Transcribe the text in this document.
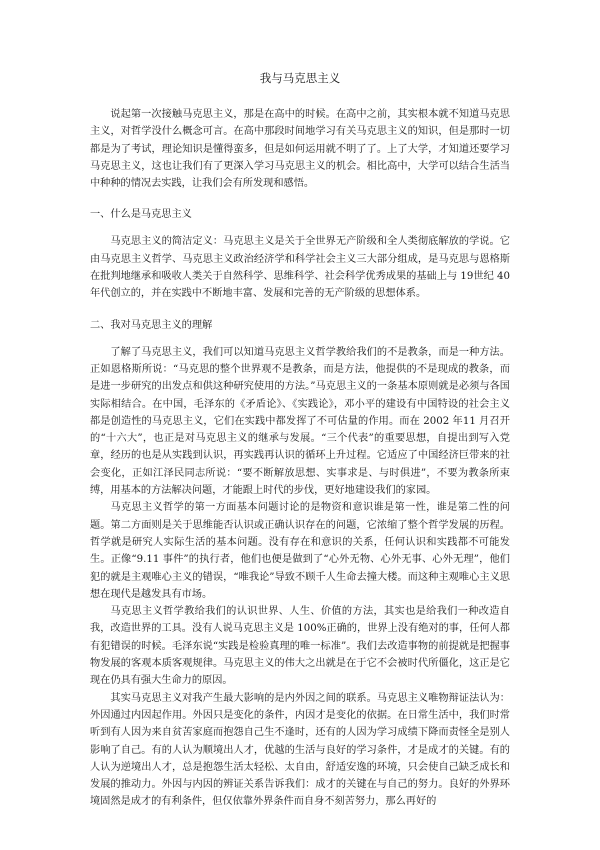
我与马克思主义

说起第一次接触马克思主义，那是在高中的时候。在高中之前，其实根本就不知道马克思主义，对哲学没什么概念可言。在高中那段时间地学习有关马克思主义的知识，但是那时一切都是为了考试，理论知识是懂得蛮多，但是如何运用就不明了了。上了大学，才知道还要学习马克思主义，这也让我们有了更深入学习马克思主义的机会。相比高中，大学可以结合生活当中种种的情况去实践，让我们会有所发现和感悟。

一、什么是马克思主义

马克思主义的简洁定义：马克思主义是关于全世界无产阶级和全人类彻底解放的学说。它由马克思主义哲学、马克思主义政治经济学和科学社会主义三大部分组成，是马克思与恩格斯在批判地继承和吸收人类关于自然科学、思维科学、社会科学优秀成果的基础上与 19世纪 40 年代创立的，并在实践中不断地丰富、发展和完善的无产阶级的思想体系。

二、我对马克思主义的理解

了解了马克思主义，我们可以知道马克思主义哲学教给我们的不是教条，而是一种方法。正如恩格斯所说：“马克思的整个世界观不是教条，而是方法，他提供的不是现成的教条，而是进一步研究的出发点和供这种研究使用的方法。”马克思主义的一条基本原则就是必须与各国实际相结合。在中国，毛泽东的《矛盾论》、《实践论》，邓小平的建设有中国特设的社会主义都是创造性的马克思主义，它们在实践中都发挥了不可估量的作用。而在 2002 年11 月召开的“十六大”，也正是对马克思主义的继承与发展。“三个代表”的重要思想，自提出到写入党章，经历的也是从实践到认识，再实践再认识的循环上升过程。它适应了中国经济巨带来的社会变化，正如江泽民同志所说：“要不断解放思想、实事求是、与时俱进”，不要为教条所束缚，用基本的方法解决问题，才能跟上时代的步伐，更好地建设我们的家园。

马克思主义哲学的第一方面基本问题讨论的是物资和意识谁是第一性，谁是第二性的问题。第二方面则是关于思维能否认识或正确认识存在的问题，它浓缩了整个哲学发展的历程。哲学就是研究人实际生活的基本问题。没有存在和意识的关系，任何认识和实践都不可能发生。正像“9.11 事件”的执行者，他们也便是做到了“心外无物、心外无事、心外无理”，他们犯的就是主观唯心主义的错误，“唯我论”导致不顾千人生命去撞大楼。而这种主观唯心主义思想在现代是越发具有市场。

马克思主义哲学教给我们的认识世界、人生、价值的方法，其实也是给我们一种改造自我，改造世界的工具。没有人说马克思主义是 100%正确的，世界上没有绝对的事，任何人都有犯错误的时候。毛泽东说“实践是检验真理的唯一标准”。我们去改造事物的前提就是把握事物发展的客观本质客观规律。马克思主义的伟大之出就是在于它不会被时代所僵化，这正是它现在仍具有强大生命力的原因。

其实马克思主义对我产生最大影响的是内外因之间的联系。马克思主义唯物辩证法认为：外因通过内因起作用。外因只是变化的条件，内因才是变化的依据。在日常生活中，我们时常听到有人因为来自贫苦家庭而抱怨自己生不逢时，还有的人因为学习成绩下降而责怪全是别人影响了自己。有的人认为顺境出人才，优越的生活与良好的学习条件，才是成才的关键。有的人认为逆境出人才，总是抱怨生活太轻松、太自由，舒适安逸的环境，只会使自己缺乏成长和发展的推动力。外因与内因的辨证关系告诉我们：成才的关键在与自己的努力。良好的外界环境固然是成才的有利条件，但仅依靠外界条件而自身不刻苦努力，那么再好的
